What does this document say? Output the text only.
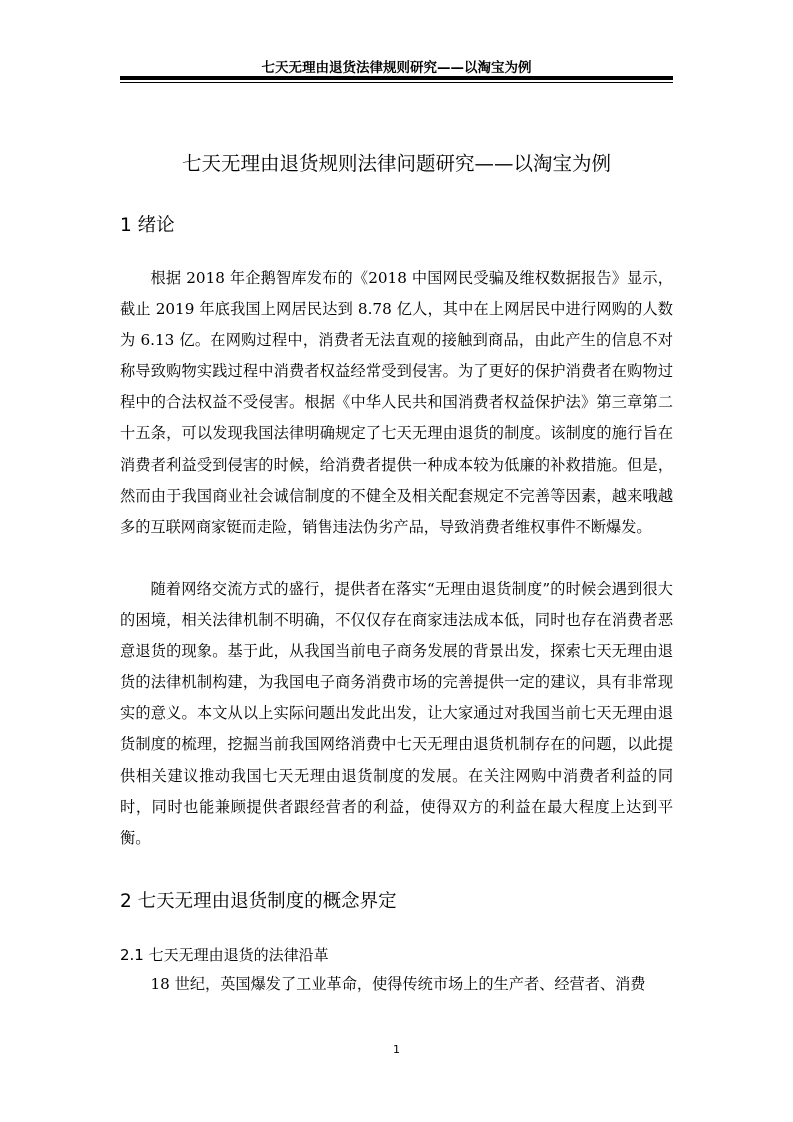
七天无理由退货法律规则研究——以淘宝为例
七天无理由退货规则法律问题研究——以淘宝为例
1 绪论

根据 2018 年企鹅智库发布的《2018 中国网民受骗及维权数据报告》显示，截止 2019 年底我国上网居民达到 8.78 亿人，其中在上网居民中进行网购的人数为 6.13 亿。在网购过程中，消费者无法直观的接触到商品，由此产生的信息不对称导致购物实践过程中消费者权益经常受到侵害。为了更好的保护消费者在购物过程中的合法权益不受侵害。根据《中华人民共和国消费者权益保护法》第三章第二十五条，可以发现我国法律明确规定了七天无理由退货的制度。该制度的施行旨在消费者利益受到侵害的时候，给消费者提供一种成本较为低廉的补救措施。但是，然而由于我国商业社会诚信制度的不健全及相关配套规定不完善等因素，越来哦越多的互联网商家铤而走险，销售违法伪劣产品，导致消费者维权事件不断爆发。

随着网络交流方式的盛行，提供者在落实“无理由退货制度”的时候会遇到很大的困境，相关法律机制不明确，不仅仅存在商家违法成本低，同时也存在消费者恶意退货的现象。基于此，从我国当前电子商务发展的背景出发，探索七天无理由退货的法律机制构建，为我国电子商务消费市场的完善提供一定的建议，具有非常现实的意义。本文从以上实际问题出发此出发，让大家通过对我国当前七天无理由退货制度的梳理，挖掘当前我国网络消费中七天无理由退货机制存在的问题，以此提供相关建议推动我国七天无理由退货制度的发展。在关注网购中消费者利益的同时，同时也能兼顾提供者跟经营者的利益，使得双方的利益在最大程度上达到平衡。

2 七天无理由退货制度的概念界定
2.1 七天无理由退货的法律沿革

18 世纪，英国爆发了工业革命，使得传统市场上的生产者、经营者、消费

1
